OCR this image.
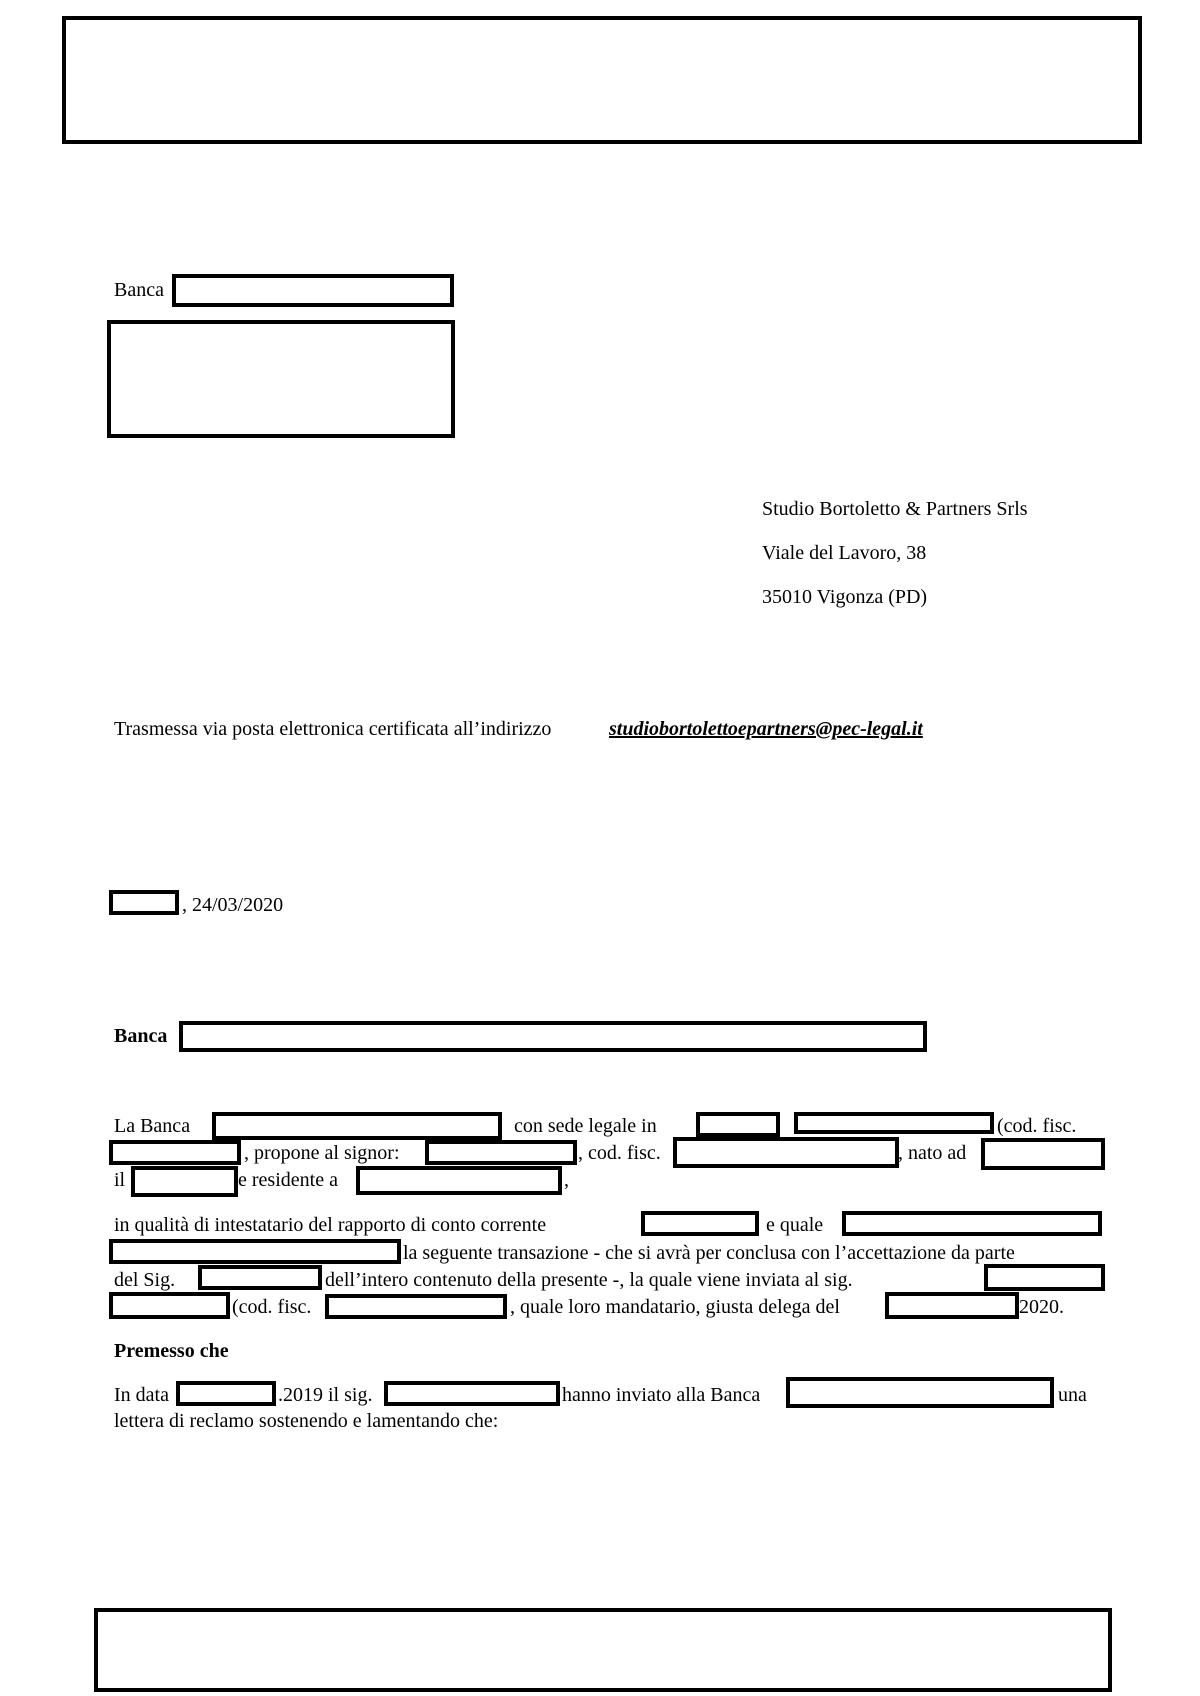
Banca
Studio Bortoletto & Partners Srls
Viale del Lavoro, 38
35010 Vigonza (PD)
Trasmessa via posta elettronica certificata all’indirizzo	studiobortolettoepartners@pec-legal.it
, 24/03/2020
Banca
La Banca	con sede legale in	(cod. fisc.
, propone al signor:	, cod. fisc.	, nato ad
il	e residente a	,
in qualità di intestatario del rapporto di conto corrente	e quale
la seguente transazione - che si avrà per conclusa con l’accettazione da parte
del Sig.	dell’intero contenuto della presente -, la quale viene inviata al sig.
(cod. fisc.	, quale loro mandatario, giusta delega del	2020.
Premesso che
In data	.2019 il sig.	hanno inviato alla Banca	una
lettera di reclamo sostenendo e lamentando che:
